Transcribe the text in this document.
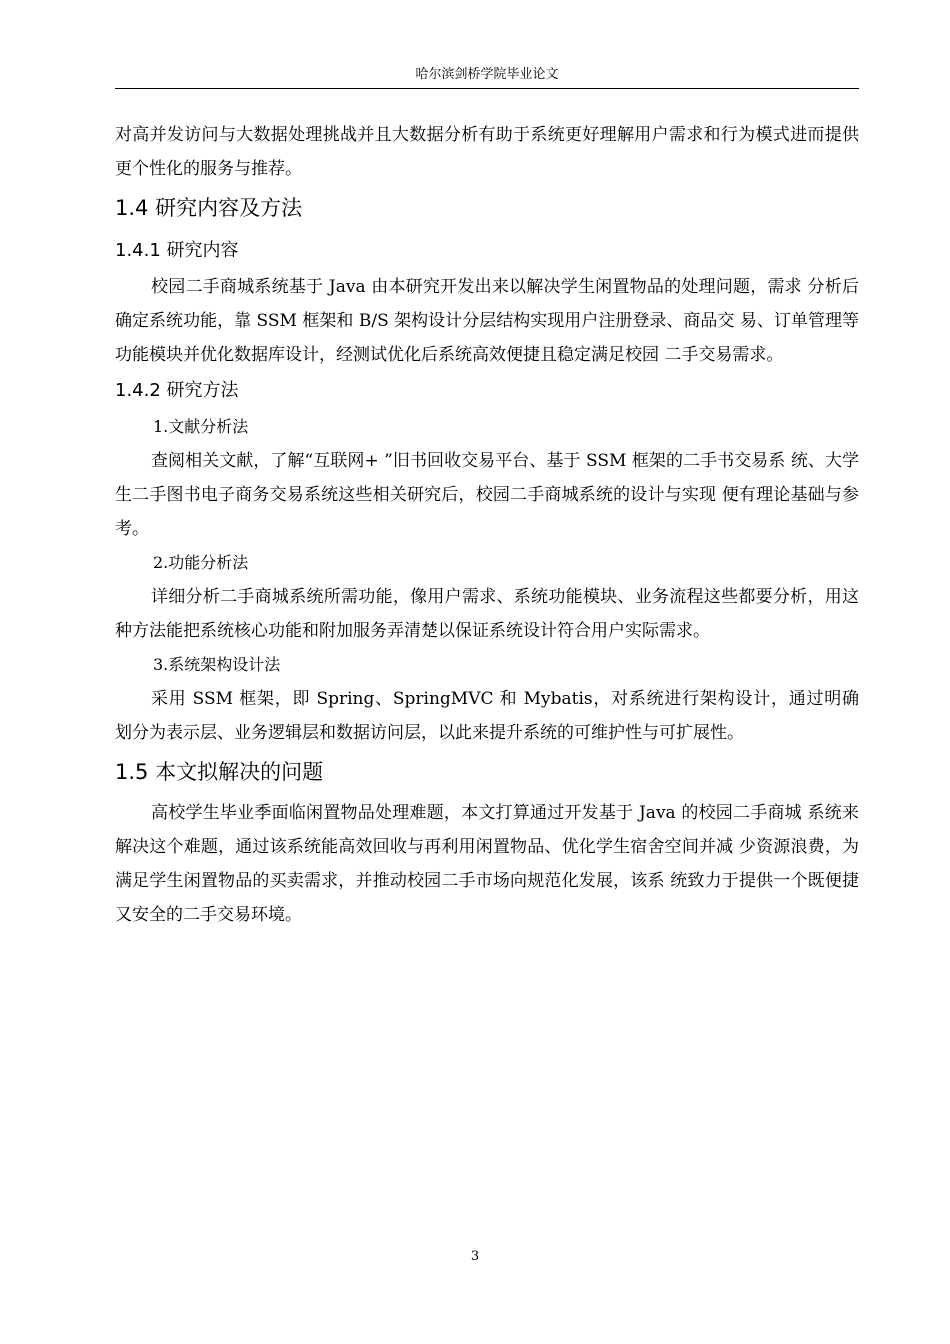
哈尔滨剑桥学院毕业论文

对高并发访问与大数据处理挑战并且大数据分析有助于系统更好理解用户需求和行为模式进而提供更个性化的服务与推荐。

1.4 研究内容及方法
1.4.1 研究内容

校园二手商城系统基于 Java 由本研究开发出来以解决学生闲置物品的处理问题，需求 分析后确定系统功能，靠 SSM 框架和 B/S 架构设计分层结构实现用户注册登录、商品交 易、订单管理等功能模块并优化数据库设计，经测试优化后系统高效便捷且稳定满足校园 二手交易需求。

1.4.2 研究方法

1.文献分析法

查阅相关文献，了解“互联网+ ”旧书回收交易平台、基于 SSM 框架的二手书交易系 统、大学生二手图书电子商务交易系统这些相关研究后，校园二手商城系统的设计与实现 便有理论基础与参考。

2.功能分析法

详细分析二手商城系统所需功能，像用户需求、系统功能模块、业务流程这些都要分析，用这种方法能把系统核心功能和附加服务弄清楚以保证系统设计符合用户实际需求。

3.系统架构设计法

采用 SSM 框架，即 Spring、SpringMVC 和 Mybatis，对系统进行架构设计，通过明确 划分为表示层、业务逻辑层和数据访问层，以此来提升系统的可维护性与可扩展性。

1.5 本文拟解决的问题

高校学生毕业季面临闲置物品处理难题，本文打算通过开发基于 Java 的校园二手商城 系统来解决这个难题，通过该系统能高效回收与再利用闲置物品、优化学生宿舍空间并减 少资源浪费，为满足学生闲置物品的买卖需求，并推动校园二手市场向规范化发展，该系 统致力于提供一个既便捷又安全的二手交易环境。

3
